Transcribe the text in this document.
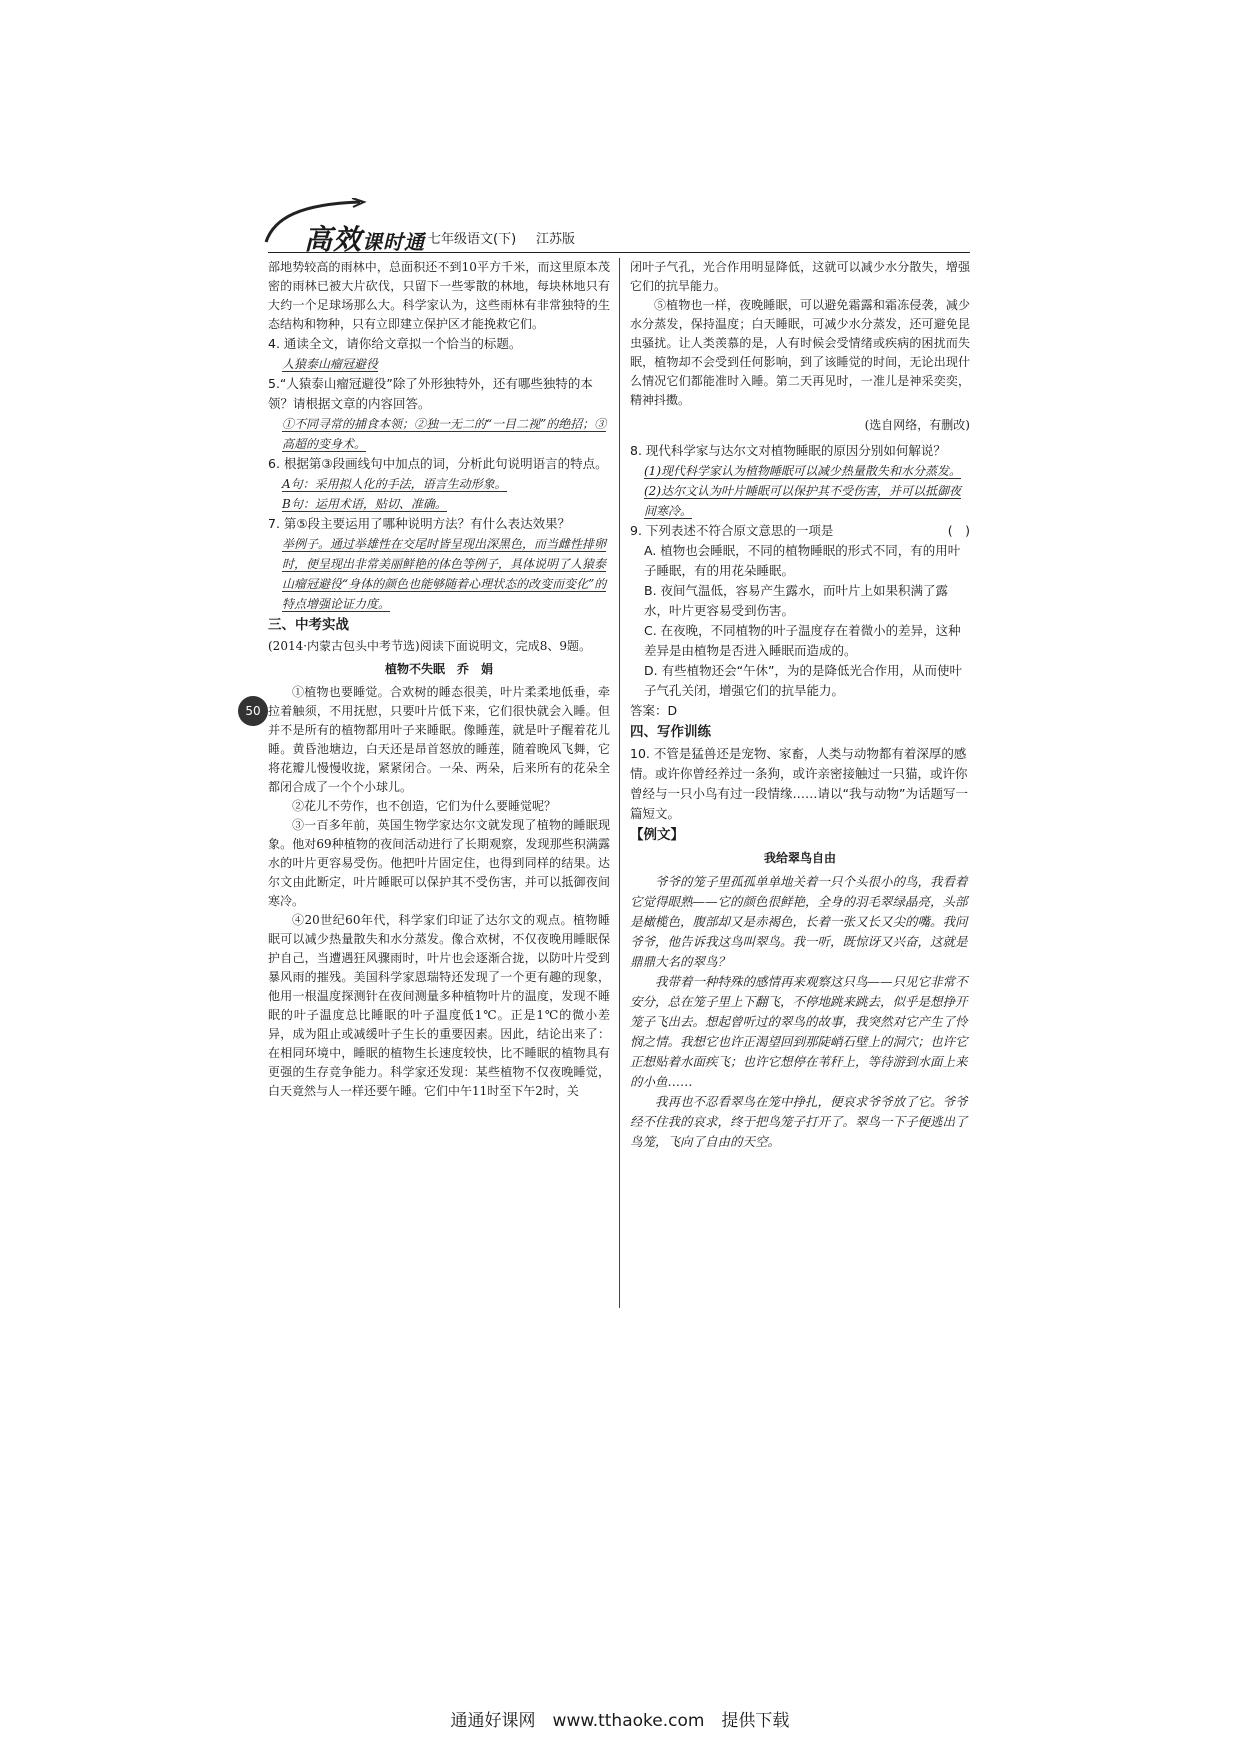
高效课时通 七年级语文(下) 江苏版
50

部地势较高的雨林中，总面积还不到10平方千米，而这里原本茂密的雨林已被大片砍伐，只留下一些零散的林地，每块林地只有大约一个足球场那么大。科学家认为，这些雨林有非常独特的生态结构和物种，只有立即建立保护区才能挽救它们。

4. 通读全文，请你给文章拟一个恰当的标题。

人猿泰山瘤冠避役

5.“人猿泰山瘤冠避役”除了外形独特外，还有哪些独特的本领？请根据文章的内容回答。

①不同寻常的捕食本领；②独一无二的“一目二视”的绝招；③高超的变身术。

6. 根据第③段画线句中加点的词，分析此句说明语言的特点。

A句：采用拟人化的手法，语言生动形象。

B句：运用术语，贴切、准确。

7. 第⑤段主要运用了哪种说明方法？有什么表达效果？

举例子。通过举雄性在交尾时皆呈现出深黑色，而当雌性排卵时，便呈现出非常美丽鲜艳的体色等例子，具体说明了人猿泰山瘤冠避役“身体的颜色也能够随着心理状态的改变而变化”的特点增强论证力度。

三、中考实战

(2014·内蒙古包头中考节选)阅读下面说明文，完成8、9题。

植物不失眠　乔　娟

①植物也要睡觉。合欢树的睡态很美，叶片柔柔地低垂，牵拉着触须，不用抚慰，只要叶片低下来，它们很快就会入睡。但并不是所有的植物都用叶子来睡眠。像睡莲，就是叶子醒着花儿睡。黄昏池塘边，白天还是昂首怒放的睡莲，随着晚风飞舞，它将花瓣儿慢慢收拢，紧紧闭合。一朵、两朵，后来所有的花朵全都闭合成了一个个小球儿。

②花儿不劳作，也不创造，它们为什么要睡觉呢？

③一百多年前，英国生物学家达尔文就发现了植物的睡眠现象。他对69种植物的夜间活动进行了长期观察，发现那些积满露水的叶片更容易受伤。他把叶片固定住，也得到同样的结果。达尔文由此断定，叶片睡眠可以保护其不受伤害，并可以抵御夜间寒冷。

④20世纪60年代，科学家们印证了达尔文的观点。植物睡眠可以减少热量散失和水分蒸发。像合欢树，不仅夜晚用睡眠保护自己，当遭遇狂风骤雨时，叶片也会逐渐合拢，以防叶片受到暴风雨的摧残。美国科学家恩瑞特还发现了一个更有趣的现象，他用一根温度探测针在夜间测量多种植物叶片的温度，发现不睡眠的叶子温度总比睡眠的叶子温度低1℃。正是1℃的微小差异，成为阻止或减缓叶子生长的重要因素。因此，结论出来了：在相同环境中，睡眠的植物生长速度较快，比不睡眠的植物具有更强的生存竞争能力。科学家还发现：某些植物不仅夜晚睡觉，白天竟然与人一样还要午睡。它们中午11时至下午2时，关

闭叶子气孔，光合作用明显降低，这就可以减少水分散失，增强它们的抗旱能力。

⑤植物也一样，夜晚睡眠，可以避免霜露和霜冻侵袭，减少水分蒸发，保持温度；白天睡眠，可减少水分蒸发，还可避免昆虫骚扰。让人类羡慕的是，人有时候会受情绪或疾病的困扰而失眠，植物却不会受到任何影响，到了该睡觉的时间，无论出现什么情况它们都能准时入睡。第二天再见时，一准儿是神采奕奕，精神抖擞。

(选自网络，有删改)

8. 现代科学家与达尔文对植物睡眠的原因分别如何解说？

(1)现代科学家认为植物睡眠可以减少热量散失和水分蒸发。

(2)达尔文认为叶片睡眠可以保护其不受伤害，并可以抵御夜间寒冷。

9. 下列表述不符合原文意思的一项是	(　)

A. 植物也会睡眠，不同的植物睡眠的形式不同，有的用叶子睡眠，有的用花朵睡眠。

B. 夜间气温低，容易产生露水，而叶片上如果积满了露水，叶片更容易受到伤害。

C. 在夜晚，不同植物的叶子温度存在着微小的差异，这种差异是由植物是否进入睡眠而造成的。

D. 有些植物还会“午休”，为的是降低光合作用，从而使叶子气孔关闭，增强它们的抗旱能力。

答案：D

四、写作训练

10. 不管是猛兽还是宠物、家畜，人类与动物都有着深厚的感情。或许你曾经养过一条狗，或许亲密接触过一只猫，或许你曾经与一只小鸟有过一段情缘……请以“我与动物”为话题写一篇短文。

【例文】
我给翠鸟自由

爷爷的笼子里孤孤单单地关着一只个头很小的鸟，我看着它觉得眼熟——它的颜色很鲜艳，全身的羽毛翠绿晶亮，头部是橄榄色，腹部却又是赤褐色，长着一张又长又尖的嘴。我问爷爷，他告诉我这鸟叫翠鸟。我一听，既惊讶又兴奋，这就是鼎鼎大名的翠鸟？

我带着一种特殊的感情再来观察这只鸟——只见它非常不安分，总在笼子里上下翻飞，不停地跳来跳去，似乎是想挣开笼子飞出去。想起曾听过的翠鸟的故事，我突然对它产生了怜悯之情。我想它也许正渴望回到那陡峭石壁上的洞穴；也许它正想贴着水面疾飞；也许它想停在苇秆上，等待游到水面上来的小鱼……

我再也不忍看翠鸟在笼中挣扎，便哀求爷爷放了它。爷爷经不住我的哀求，终于把鸟笼子打开了。翠鸟一下子便逃出了鸟笼，飞向了自由的天空。

通通好课网　www.tthaoke.com　提供下载
